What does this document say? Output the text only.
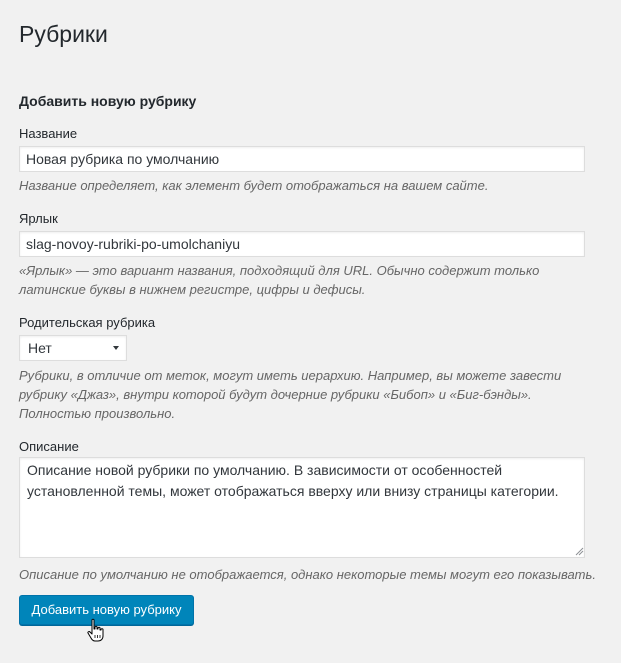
Рубрики
Добавить новую рубрику
Название
Новая рубрика по умолчанию

Название определяет, как элемент будет отображаться на вашем сайте.

Ярлык
slag-novoy-rubriki-po-umolchaniyu

«Ярлык» — это вариант названия, подходящий для URL. Обычно содержит только латинские буквы в нижнем регистре, цифры и дефисы.

Родительская рубрика
Нет

Рубрики, в отличие от меток, могут иметь иерархию. Например, вы можете завести рубрику «Джаз», внутри которой будут дочерние рубрики «Бибоп» и «Биг-бэнды». Полностью произвольно.

Описание
Описание новой рубрики по умолчанию. В зависимости от особенностей установленной темы, может отображаться вверху или внизу страницы категории.

Описание по умолчанию не отображается, однако некоторые темы могут его показывать.

Добавить новую рубрику
